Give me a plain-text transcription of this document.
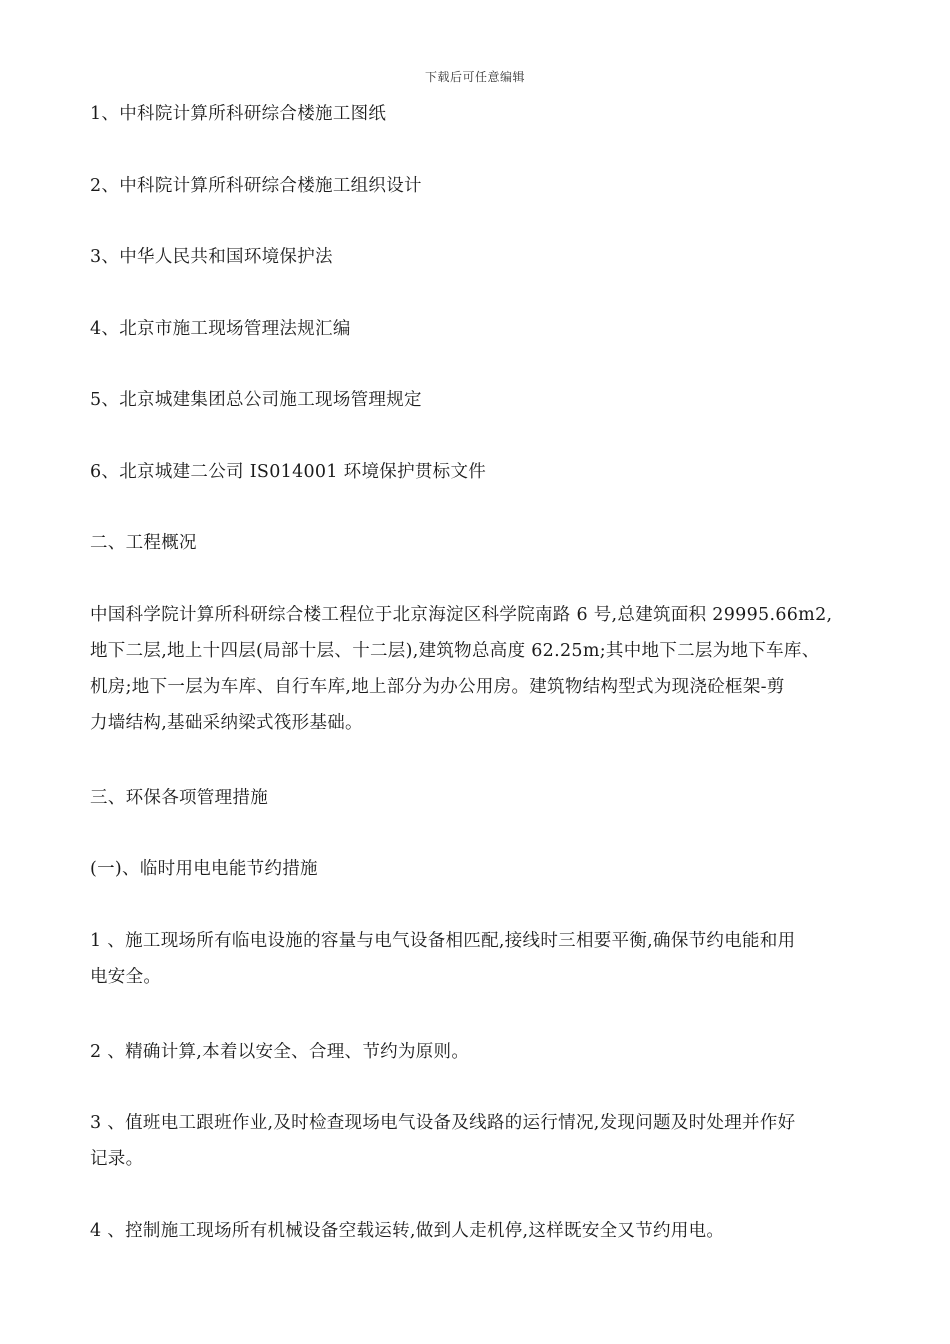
下载后可任意编辑
1、中科院计算所科研综合楼施工图纸
2、中科院计算所科研综合楼施工组织设计
3、中华人民共和国环境保护法
4、北京市施工现场管理法规汇编
5、北京城建集团总公司施工现场管理规定
6、北京城建二公司 IS014001 环境保护贯标文件
二、工程概况
中国科学院计算所科研综合楼工程位于北京海淀区科学院南路 6 号,总建筑面积 29995.66m2,
地下二层,地上十四层(局部十层、十二层),建筑物总高度 62.25m;其中地下二层为地下车库、
机房;地下一层为车库、自行车库,地上部分为办公用房。建筑物结构型式为现浇砼框架-剪
力墙结构,基础采纳梁式筏形基础。
三、环保各项管理措施
(一)、临时用电电能节约措施
1 、施工现场所有临电设施的容量与电气设备相匹配,接线时三相要平衡,确保节约电能和用
电安全。
2 、精确计算,本着以安全、合理、节约为原则。
3 、值班电工跟班作业,及时检查现场电气设备及线路的运行情况,发现问题及时处理并作好
记录。
4 、控制施工现场所有机械设备空载运转,做到人走机停,这样既安全又节约用电。
